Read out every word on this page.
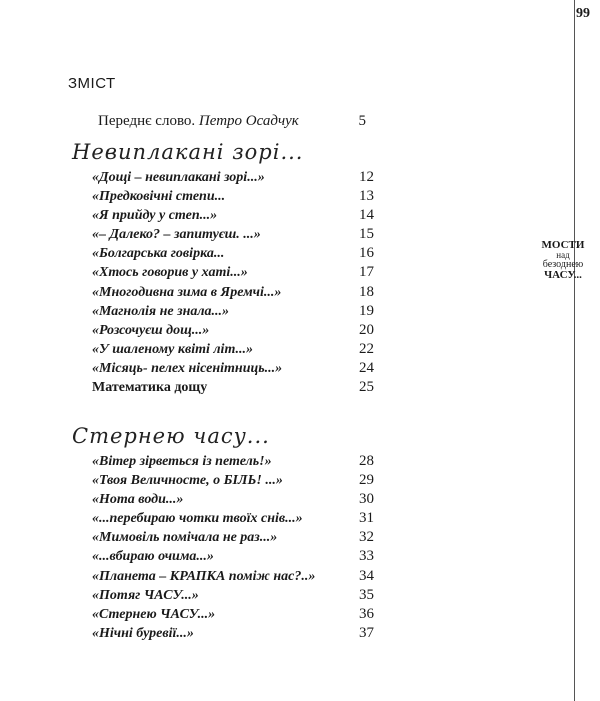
99
МОСТИ
над
безоднею
ЧАСУ...
ЗМІСТ
Переднє слово. Петро Осадчук	5
Невиплакані зорі...
«Дощі – невиплакані зорі...»	12
«Предковічні степи...	13
«Я прийду у степ...»	14
«– Далеко? – запитуєш. ...»	15
«Болгарська говірка...	16
«Хтось говорив у хаті...»	17
«Многодивна зима в Яремчі...»	18
«Магнолія не знала...»	19
«Розсочуєш дощ...»	20
«У шаленому квіті літ...»	22
«Місяць- пелех нісенітниць...»	24
Математика дощу	25
Стернею часу...
«Вітер зірветься із петель!»	28
«Твоя Величносте, о БІЛЬ! ...»	29
«Нота води...»	30
«...перебираю чотки твоїх снів...»	31
«Мимовіль помічала не раз...»	32
«...вбираю очима...»	33
«Планета – КРАПКА поміж нас?..»	34
«Потяг ЧАСУ...»	35
«Стернею ЧАСУ...»	36
«Нічні буревії...»	37
